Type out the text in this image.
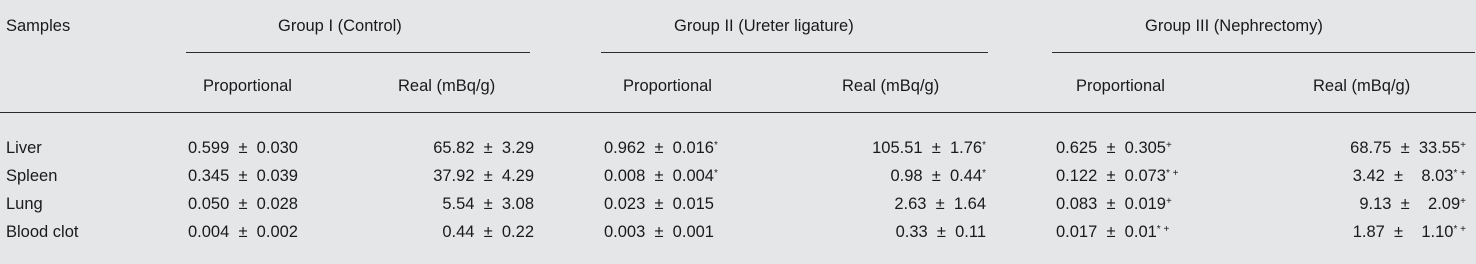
Samples	Group I (Control)	Group II (Ureter ligature)	Group III (Nephrectomy)
Proportional	Real (mBq/g)	Proportional	Real (mBq/g)	Proportional	Real (mBq/g)
Liver	0.599  ±  0.030	65.82  ±  3.29	0.962  ±  0.016*	105.51  ±  1.76*	0.625  ±  0.305+	68.75  ±  33.55+
Spleen	0.345  ±  0.039	37.92  ±  4.29	0.008  ±  0.004*	0.98  ±  0.44*	0.122  ±  0.073* +	3.42  ±    8.03* +
Lung	0.050  ±  0.028	5.54  ±  3.08	0.023  ±  0.015	2.63  ±  1.64	0.083  ±  0.019+	9.13  ±    2.09+
Blood clot	0.004  ±  0.002	0.44  ±  0.22	0.003  ±  0.001	0.33  ±  0.11	0.017  ±  0.01* +	1.87  ±    1.10* +
